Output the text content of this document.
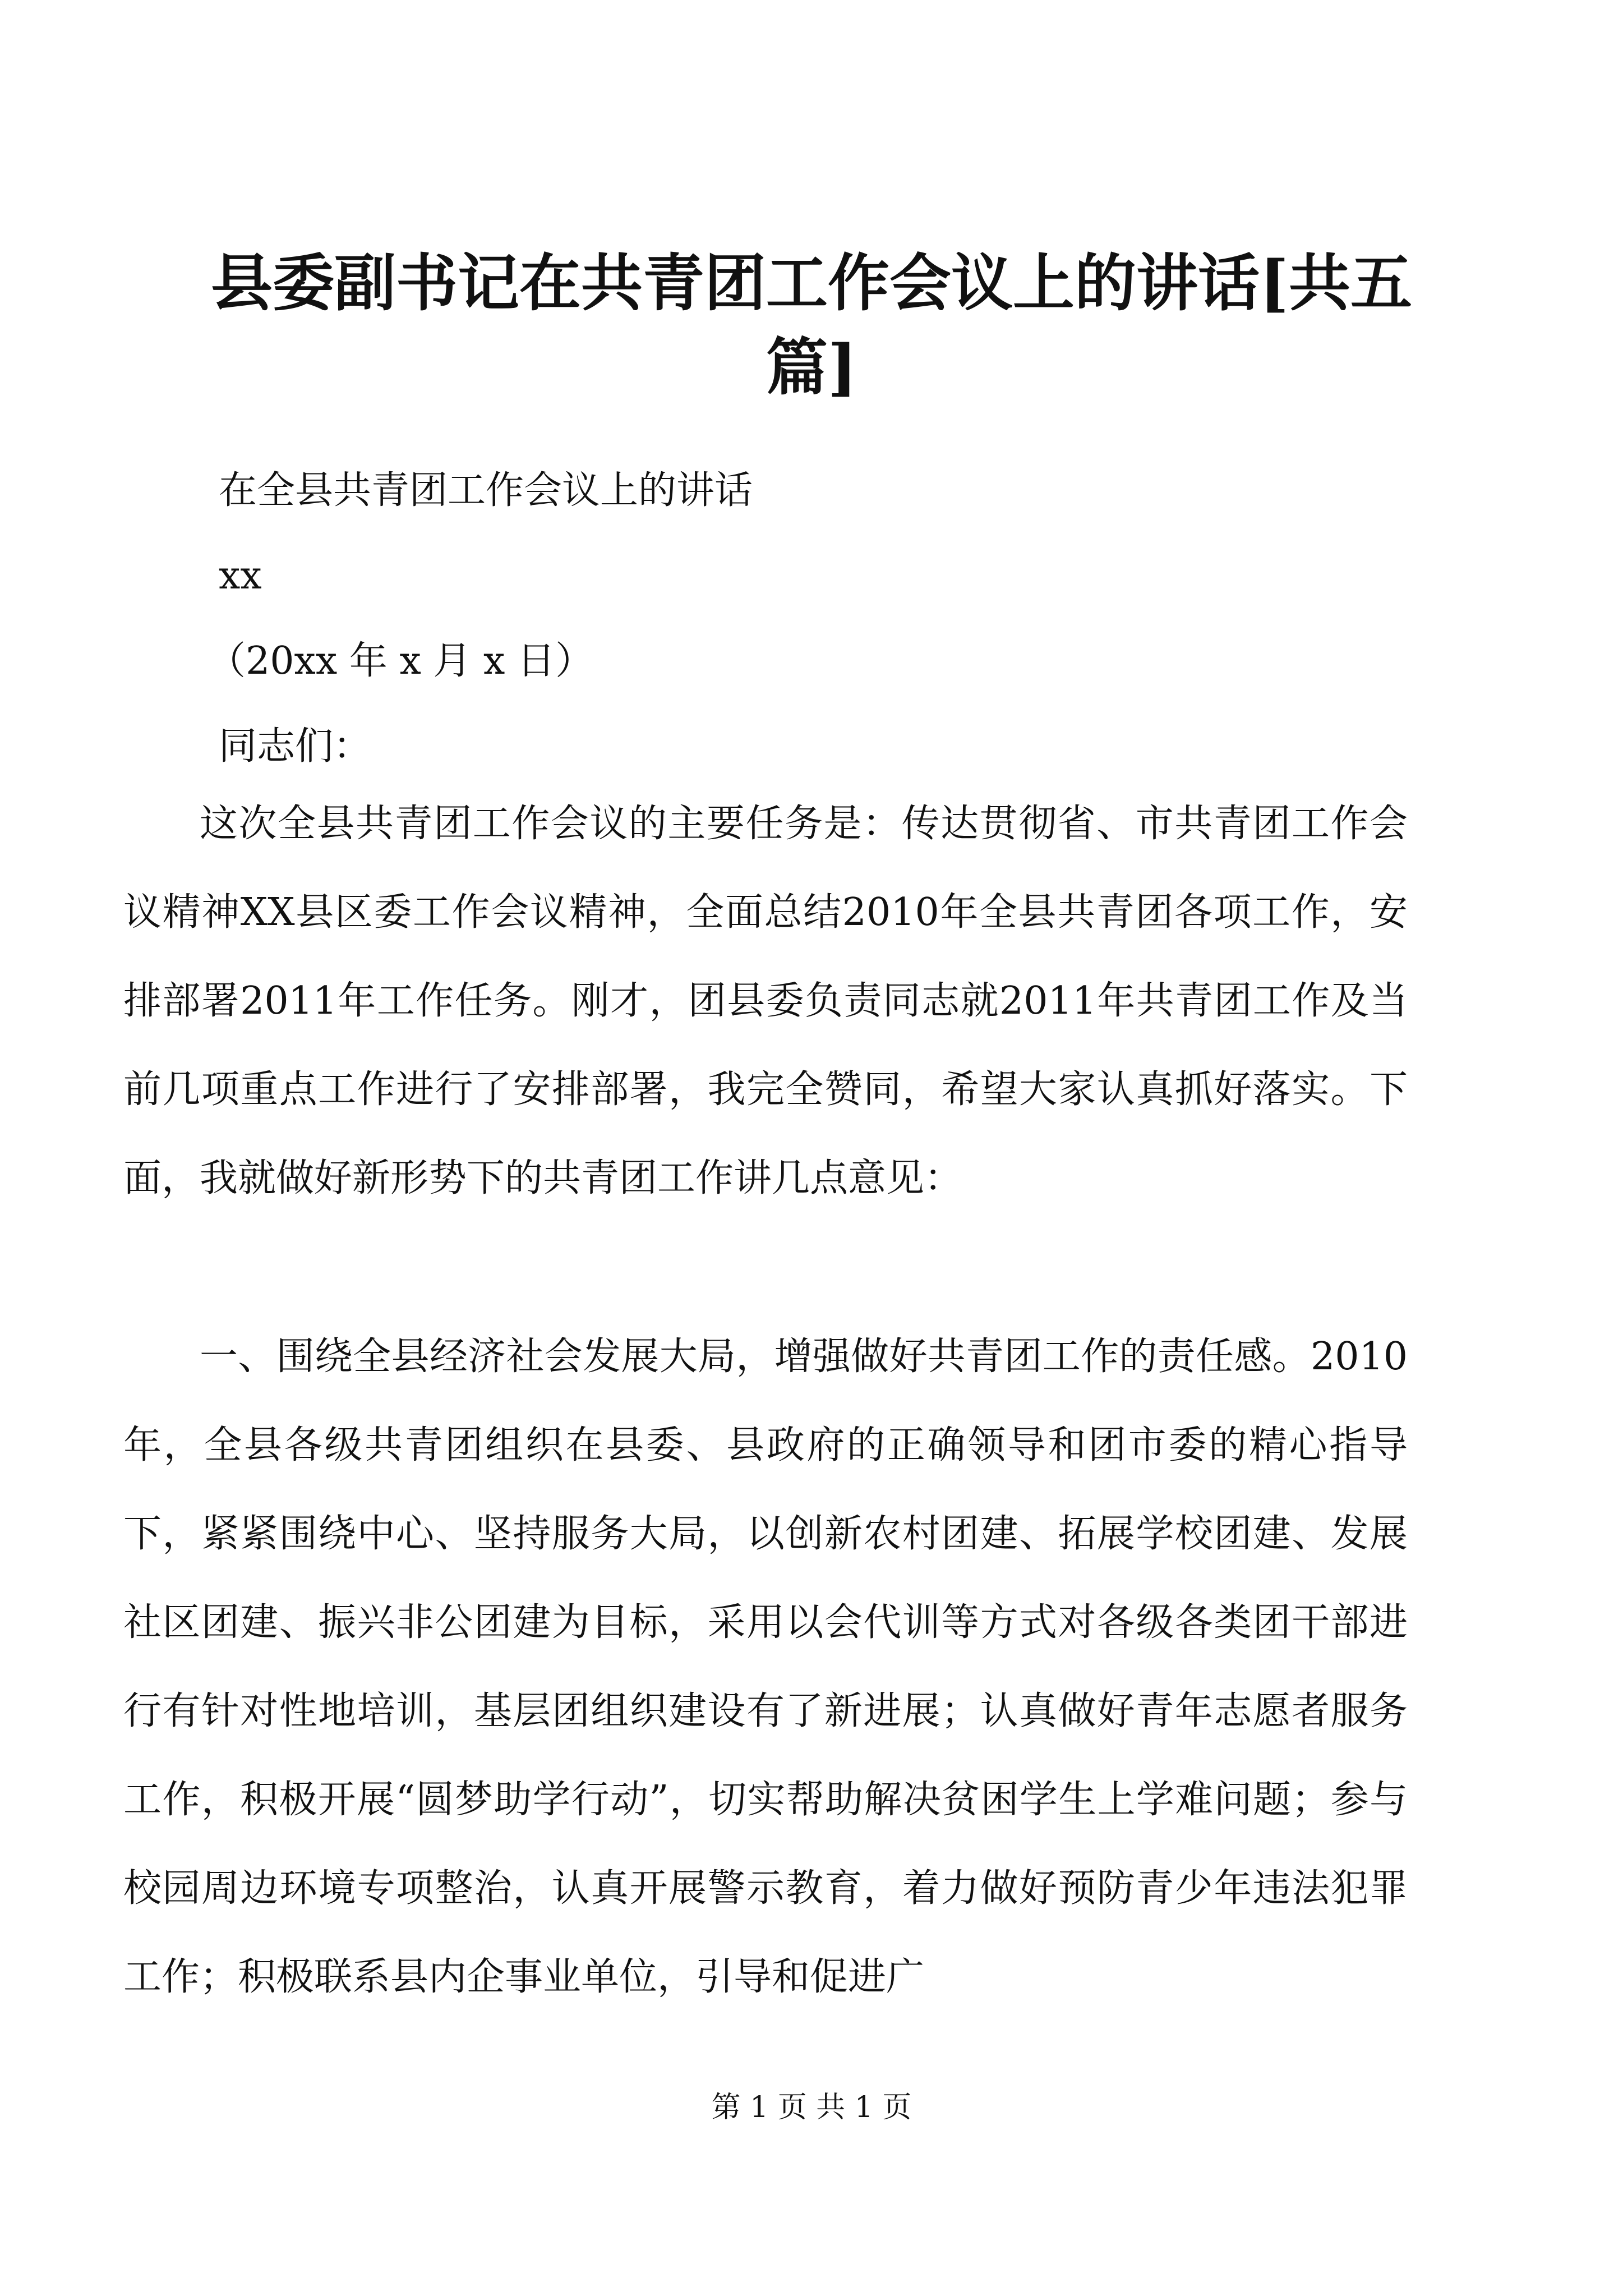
县委副书记在共青团工作会议上的讲话[共五篇]

在全县共青团工作会议上的讲话

xx

（20xx 年 x 月 x 日）

同志们：

这次全县共青团工作会议的主要任务是：传达贯彻省、市共青团工作会议精神XX县区委工作会议精神，全面总结2010年全县共青团各项工作，安排部署2011年工作任务。刚才，团县委负责同志就2011年共青团工作及当前几项重点工作进行了安排部署，我完全赞同，希望大家认真抓好落实。下面，我就做好新形势下的共青团工作讲几点意见：

一、围绕全县经济社会发展大局，增强做好共青团工作的责任感。2010年，全县各级共青团组织在县委、县政府的正确领导和团市委的精心指导下，紧紧围绕中心、坚持服务大局，以创新农村团建、拓展学校团建、发展社区团建、振兴非公团建为目标，采用以会代训等方式对各级各类团干部进行有针对性地培训，基层团组织建设有了新进展；认真做好青年志愿者服务工作，积极开展“圆梦助学行动”，切实帮助解决贫困学生上学难问题；参与校园周边环境专项整治，认真开展警示教育，着力做好预防青少年违法犯罪工作；积极联系县内企事业单位，引导和促进广

第 1 页 共 1 页
